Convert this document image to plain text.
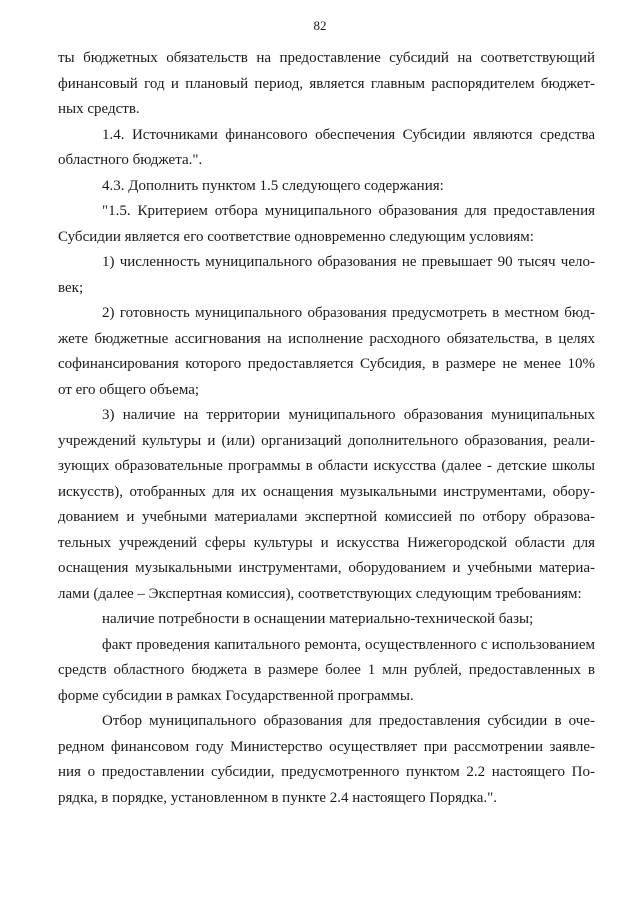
82
ты бюджетных обязательств на предоставление субсидий на соответствующий
финансовый год и плановый период, является главным распорядителем бюджет-
ных средств.
1.4. Источниками финансового обеспечения Субсидии являются средства
областного бюджета.".
4.3. Дополнить пунктом 1.5 следующего содержания:
"1.5. Критерием отбора муниципального образования для предоставления
Субсидии является его соответствие одновременно следующим условиям:
1) численность муниципального образования не превышает 90 тысяч чело-
век;
2) готовность муниципального образования предусмотреть в местном бюд-
жете бюджетные ассигнования на исполнение расходного обязательства, в целях
софинансирования которого предоставляется Субсидия, в размере не менее 10%
от его общего объема;
3) наличие на территории муниципального образования муниципальных
учреждений культуры и (или) организаций дополнительного образования, реали-
зующих образовательные программы в области искусства (далее - детские школы
искусств), отобранных для их оснащения музыкальными инструментами, обору-
дованием и учебными материалами экспертной комиссией по отбору образова-
тельных учреждений сферы культуры и искусства Нижегородской области для
оснащения музыкальными инструментами, оборудованием и учебными материа-
лами (далее – Экспертная комиссия), соответствующих следующим требованиям:
наличие потребности в оснащении материально-технической базы;
факт проведения капитального ремонта, осуществленного с использованием
средств областного бюджета в размере более 1 млн рублей, предоставленных в
форме субсидии в рамках Государственной программы.
Отбор муниципального образования для предоставления субсидии в оче-
редном финансовом году Министерство осуществляет при рассмотрении заявле-
ния о предоставлении субсидии, предусмотренного пунктом 2.2 настоящего По-
рядка, в порядке, установленном в пункте 2.4 настоящего Порядка.".
